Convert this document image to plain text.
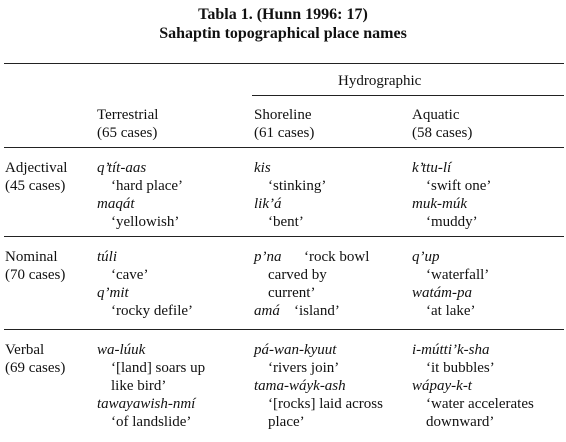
Tabla 1. (Hunn 1996: 17)
Sahaptin topographical place names
Hydrographic
Terrestrial
(65 cases)
Shoreline
(61 cases)
Aquatic
(58 cases)
Adjectival
(45 cases)
q’tít-aas
‘hard place’
maqát
‘yellowish’
kis
‘stinking’
lik’á
‘bent’
k’ttu-lí
‘swift one’
muk-múk
‘muddy’
Nominal
(70 cases)
túli
‘cave’
q’mit
‘rocky defile’
p’na ‘rock bowl
carved by
current’
amá ‘island’
q’up
‘waterfall’
watám-pa
‘at lake’
Verbal
(69 cases)
wa-lúuk
‘[land] soars up
like bird’
tawayawish-nmí
‘of landslide’
pá-wan-kyuut
‘rivers join’
tama-wáyk-ash
‘[rocks] laid across
place’
i-mútti’k-sha
‘it bubbles’
wápay-k-t
‘water accelerates
downward’
